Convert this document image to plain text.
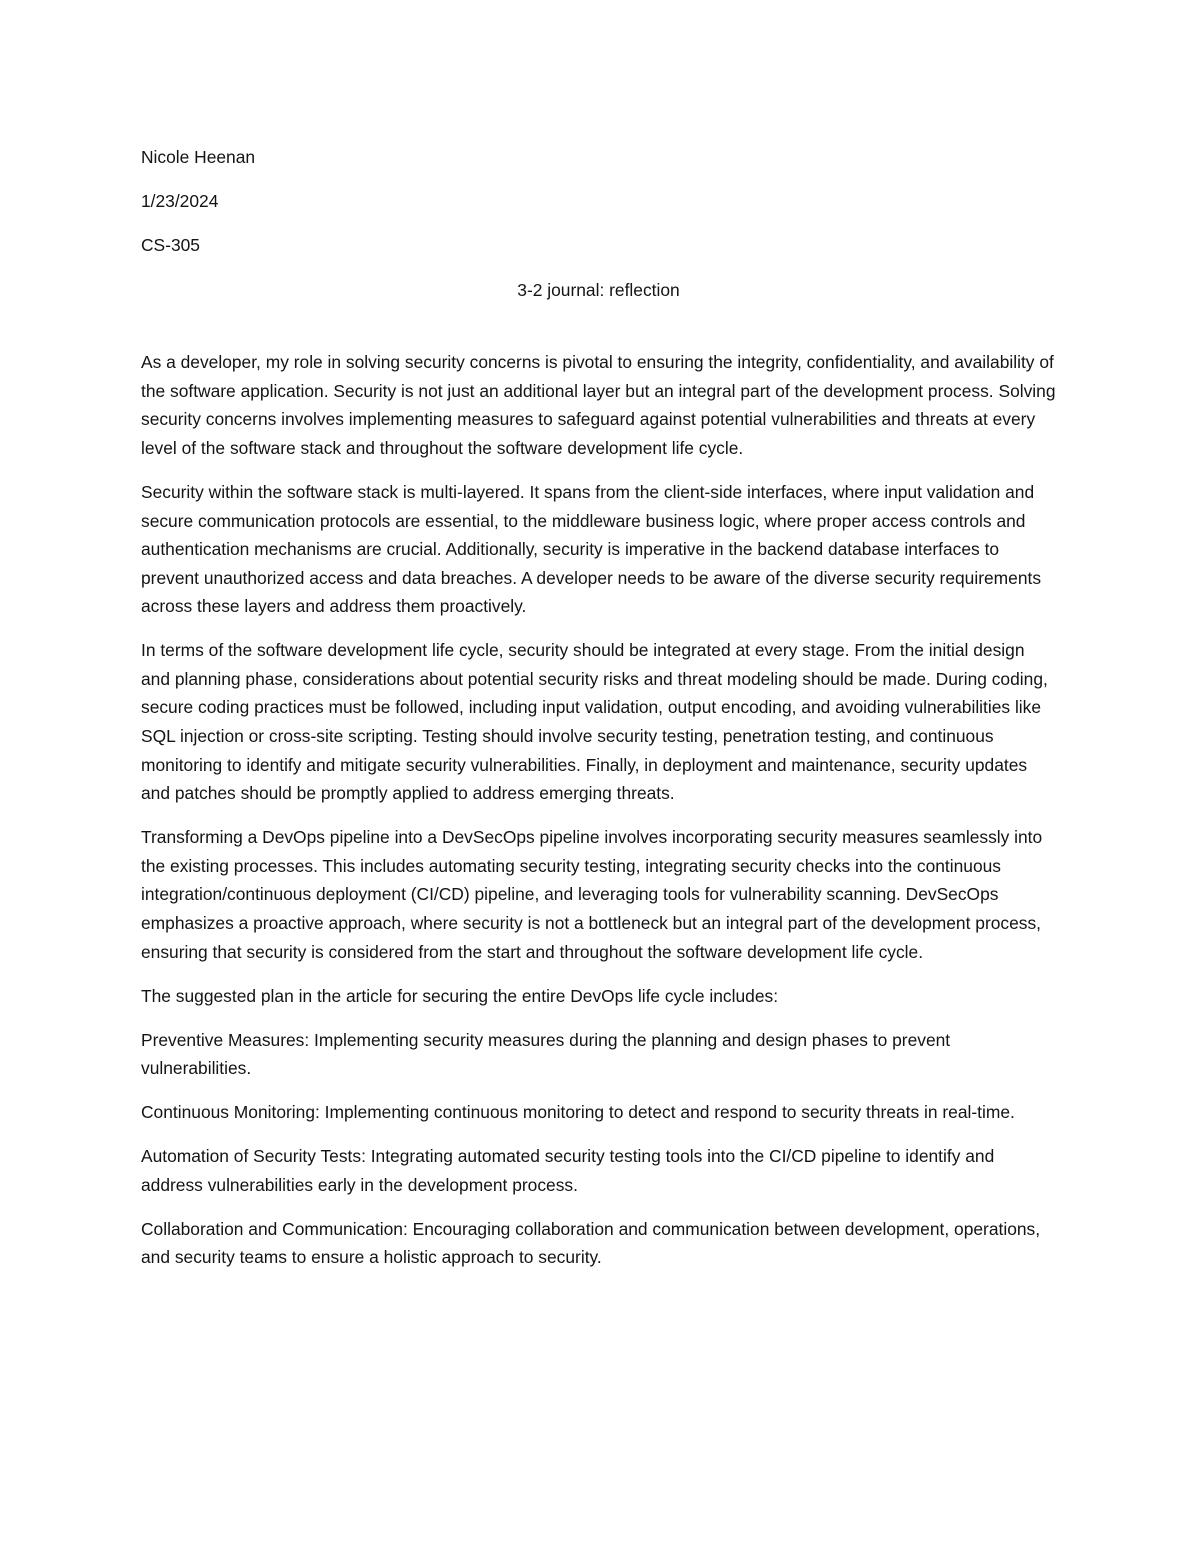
Nicole Heenan

1/23/2024

CS-305

3-2 journal: reflection

As a developer, my role in solving security concerns is pivotal to ensuring the integrity, confidentiality, and availability of the software application. Security is not just an additional layer but an integral part of the development process. Solving security concerns involves implementing measures to safeguard against potential vulnerabilities and threats at every level of the software stack and throughout the software development life cycle.

Security within the software stack is multi-layered. It spans from the client-side interfaces, where input validation and secure communication protocols are essential, to the middleware business logic, where proper access controls and authentication mechanisms are crucial. Additionally, security is imperative in the backend database interfaces to prevent unauthorized access and data breaches. A developer needs to be aware of the diverse security requirements across these layers and address them proactively.

In terms of the software development life cycle, security should be integrated at every stage. From the initial design and planning phase, considerations about potential security risks and threat modeling should be made. During coding, secure coding practices must be followed, including input validation, output encoding, and avoiding vulnerabilities like SQL injection or cross-site scripting. Testing should involve security testing, penetration testing, and continuous monitoring to identify and mitigate security vulnerabilities. Finally, in deployment and maintenance, security updates and patches should be promptly applied to address emerging threats.

Transforming a DevOps pipeline into a DevSecOps pipeline involves incorporating security measures seamlessly into the existing processes. This includes automating security testing, integrating security checks into the continuous integration/continuous deployment (CI/CD) pipeline, and leveraging tools for vulnerability scanning. DevSecOps emphasizes a proactive approach, where security is not a bottleneck but an integral part of the development process, ensuring that security is considered from the start and throughout the software development life cycle.

The suggested plan in the article for securing the entire DevOps life cycle includes:

Preventive Measures: Implementing security measures during the planning and design phases to prevent vulnerabilities.

Continuous Monitoring: Implementing continuous monitoring to detect and respond to security threats in real-time.

Automation of Security Tests: Integrating automated security testing tools into the CI/CD pipeline to identify and address vulnerabilities early in the development process.

Collaboration and Communication: Encouraging collaboration and communication between development, operations, and security teams to ensure a holistic approach to security.
